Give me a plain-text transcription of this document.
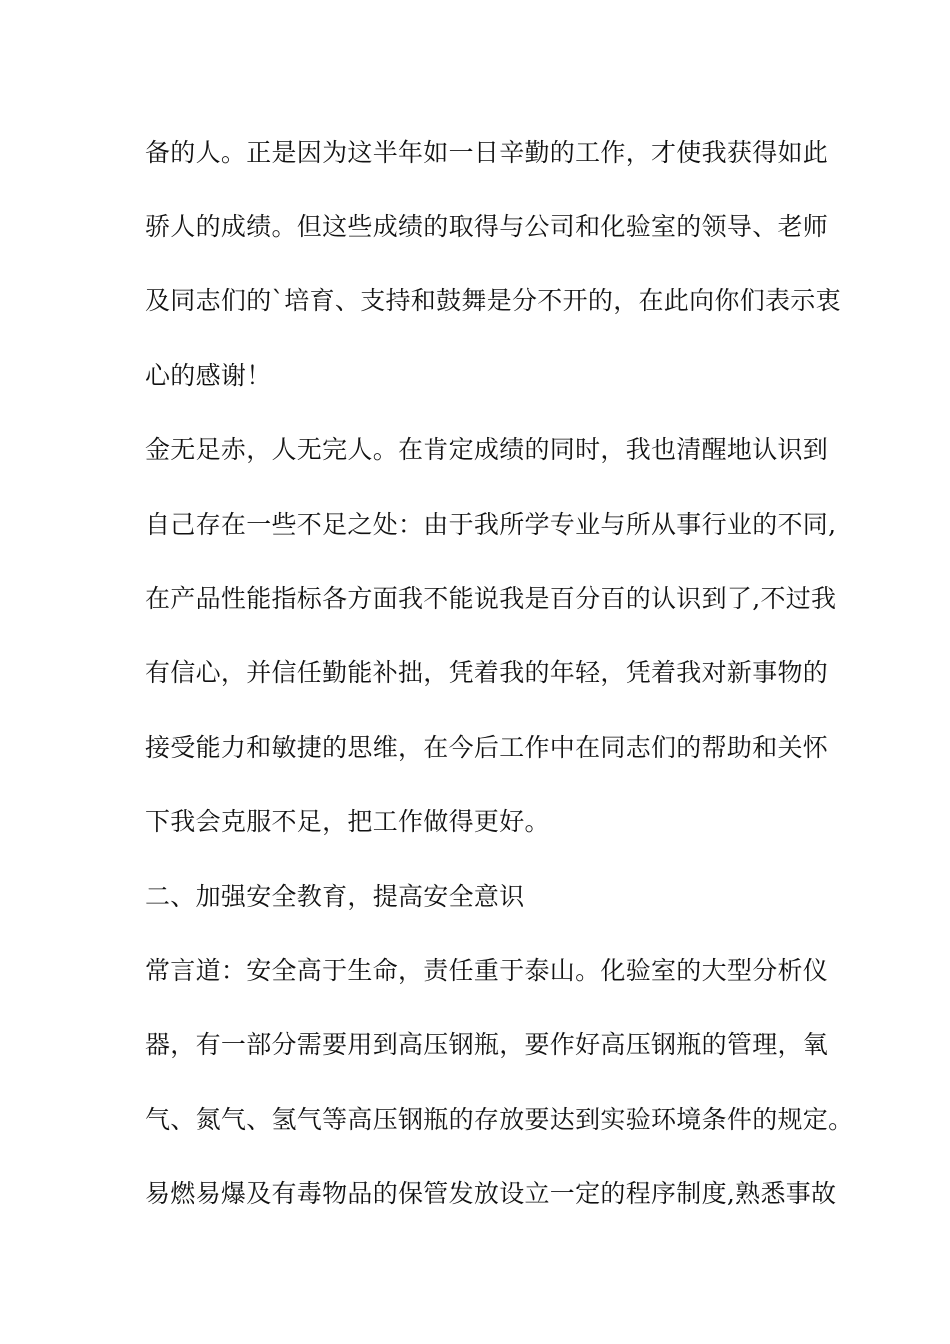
备的人。正是因为这半年如一日辛勤的工作，才使我获得如此
骄人的成绩。但这些成绩的取得与公司和化验室的领导、老师
及同志们的`培育、支持和鼓舞是分不开的，在此向你们表示衷
心的感谢！
金无足赤，人无完人。在肯定成绩的同时，我也清醒地认识到
自己存在一些不足之处：由于我所学专业与所从事行业的不同,
在产品性能指标各方面我不能说我是百分百的认识到了,不过我
有信心，并信任勤能补拙，凭着我的年轻，凭着我对新事物的
接受能力和敏捷的思维，在今后工作中在同志们的帮助和关怀
下我会克服不足，把工作做得更好。
二、加强安全教育，提高安全意识
常言道：安全高于生命，责任重于泰山。化验室的大型分析仪
器，有一部分需要用到高压钢瓶，要作好高压钢瓶的管理，氧
气、氮气、氢气等高压钢瓶的存放要达到实验环境条件的规定。
易燃易爆及有毒物品的保管发放设立一定的程序制度,熟悉事故
